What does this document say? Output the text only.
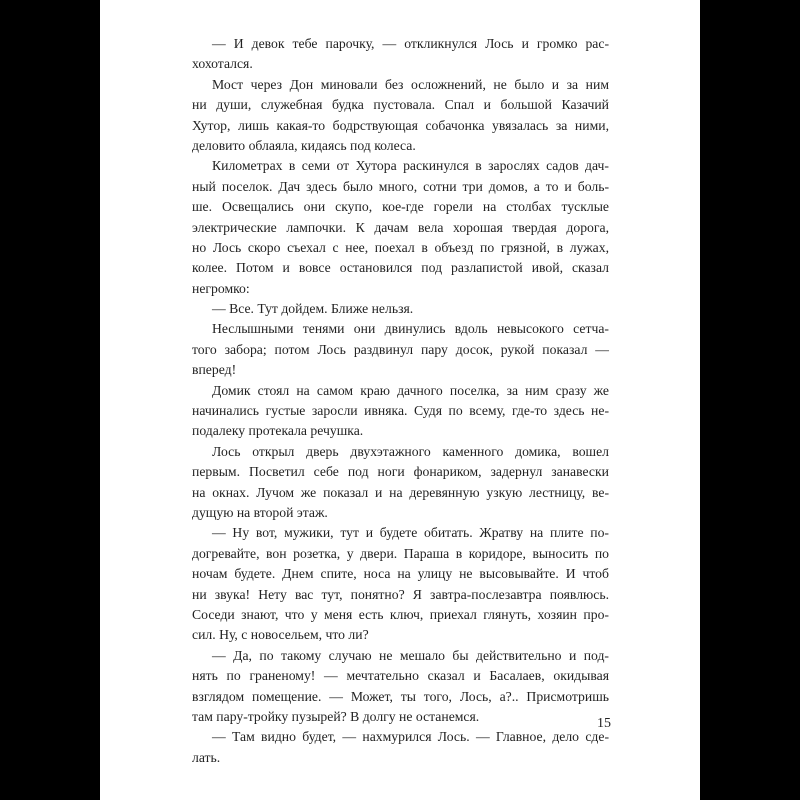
— И девок тебе парочку, — откликнулся Лось и громко рас-
хохотался.
Мост через Дон миновали без осложнений, не было и за ним
ни души, служебная будка пустовала. Спал и большой Казачий
Хутор, лишь какая-то бодрствующая собачонка увязалась за ними,
деловито облаяла, кидаясь под колеса.
Километрах в семи от Хутора раскинулся в зарослях садов дач-
ный поселок. Дач здесь было много, сотни три домов, а то и боль-
ше. Освещались они скупо, кое-где горели на столбах тусклые
электрические лампочки. К дачам вела хорошая твердая дорога,
но Лось скоро съехал с нее, поехал в объезд по грязной, в лужах,
колее. Потом и вовсе остановился под разлапистой ивой, сказал
негромко:
— Все. Тут дойдем. Ближе нельзя.
Неслышными тенями они двинулись вдоль невысокого сетча-
того забора; потом Лось раздвинул пару досок, рукой показал —
вперед!
Домик стоял на самом краю дачного поселка, за ним сразу же
начинались густые заросли ивняка. Судя по всему, где-то здесь не-
подалеку протекала речушка.
Лось открыл дверь двухэтажного каменного домика, вошел
первым. Посветил себе под ноги фонариком, задернул занавески
на окнах. Лучом же показал и на деревянную узкую лестницу, ве-
дущую на второй этаж.
— Ну вот, мужики, тут и будете обитать. Жратву на плите по-
догревайте, вон розетка, у двери. Параша в коридоре, выносить по
ночам будете. Днем спите, носа на улицу не высовывайте. И чтоб
ни звука! Нету вас тут, понятно? Я завтра-послезавтра появлюсь.
Соседи знают, что у меня есть ключ, приехал глянуть, хозяин про-
сил. Ну, с новосельем, что ли?
— Да, по такому случаю не мешало бы действительно и под-
нять по граненому! — мечтательно сказал и Басалаев, окидывая
взглядом помещение. — Может, ты того, Лось, а?.. Присмотришь
там пару-тройку пузырей? В долгу не останемся.
— Там видно будет, — нахмурился Лось. — Главное, дело сде-
лать.
15
